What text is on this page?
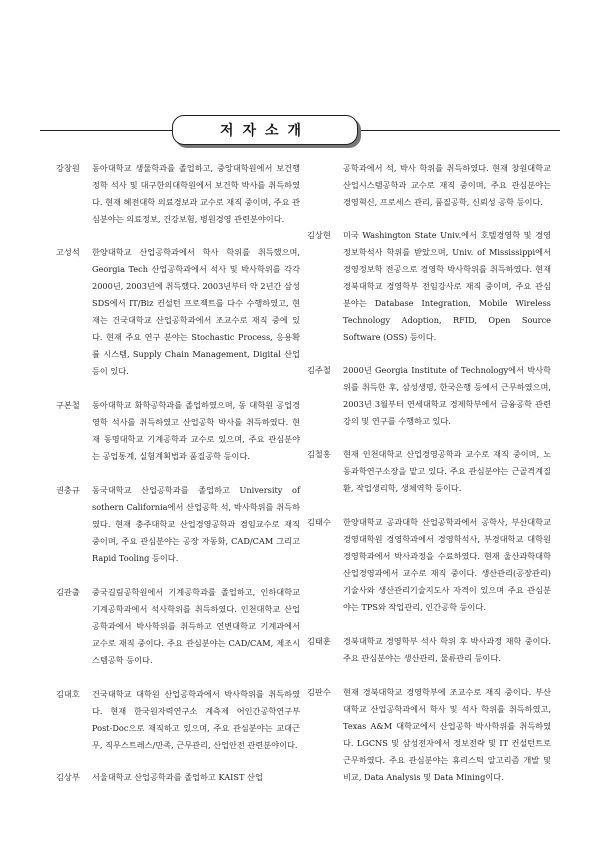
저자소개
강창원	동아대학교 생물학과를 졸업하고, 중앙대학원에서 보건행정학 석사 및 대구한의대학원에서 보건학 박사를 취득하였다. 현재 혜전대학 의료경보과 교수로 재직 중이며, 주요 관심분야는 의료정보, 건강보험, 병원경영 관련분야이다.
고성석	한양대학교 산업공학과에서 학사 학위를 취득했으며, Georgia Tech 산업공학과에서 석사 및 박사학위를 각각 2000년, 2003년에 취득했다. 2003년부터 약 2년간 삼성 SDS에서 IT/Biz 컨설턴 프로젝트를 다수 수행하였고, 현재는 건국대학교 산업공학과에서 조교수로 재직 중에 있다. 현재 주요 연구 분야는 Stochastic Process, 응용확률 시스템, Supply Chain Management, Digital 산업 등이 있다.
구본철	동아대학교 화학공학과를 졸업하였으며, 동 대학원 공업경영학 석사를 취득하였고 산업공학 박사를 취득하였다. 현재 동명대학교 기계공학과 교수로 있으며, 주요 관심분야는 공업통계, 실험계획법과 품질공학 등이다.
권충규	동국대학교 산업공학과를 졸업하고 University of sothern California에서 산업공학 석, 박사학위를 취득하였다. 현재 충주대학교 산업경영공학과 겸임교수로 재직 중이며, 주요 관심분야는 공장 자동화, CAD/CAM 그리고 Rapid Tooling 등이다.
김관출	중국길림공학원에서 기계공학과를 졸업하고, 인하대학교 기계공학과에서 석사학위를 취득하였다. 인천대학교 산업공학과에서 박사학위를 취득하고 연변대학교 기계과에서 교수로 재직 중이다. 주요 관심분야는 CAD/CAM, 제조시스템공학 등이다.
김대호	건국대학교 대학원 산업공학과에서 박사학위를 취득하였다. 현재 한국원자력연구소 계측제 어인간공학연구부 Post-Doc으로 재직하고 있으며, 주요 관심분야는 교대근무, 직무스트레스/만족, 근무관리, 산업안전 관련분야이다.
김상부	서울대학교 산업공학과를 졸업하고 KAIST 산업
공학과에서 석, 박사 학위를 취득하였다. 현재 창원대학교 산업시스템공학과 교수로 재직 중이며, 주요 관심분야는 경영혁신, 프로세스 관리, 품질공학, 신뢰성 공학 등이다.
김상현	미국 Washington State Univ.에서 호텔경영학 및 경영정보학석사 학위를 받았으며, Univ. of Mississippi에서 경영정보학 전공으로 경영학 박사학위를 취득하였다. 현재 경북대학교 경영학부 전임강사로 재직 중이며, 주요 관심분야는 Database Integration, Mobile Wireless Technology Adoption, RFID, Open Source Software (OSS) 등이다.
김주철	2000년 Georgia Institute of Technology에서 박사학위를 취득한 후, 삼성생명, 한국은행 등에서 근무하였으며, 2003년 3월부터 연세대학교 경제학부에서 금융공학 관련 강의 및 연구를 수행하고 있다.
김철홍	현재 인천대학교 산업경영공학과 교수로 재직 중이며, 노동과학연구소장을 맡고 있다. 주요 관심분야는 근골격계질환, 작업생리학, 생체역학 등이다.
김태수	한양대학교 공과대학 산업공학과에서 공학사, 부산대학교 경영대학원 경영학과에서 경영학석사, 부경대학교 대학원 경영학과에서 박사과정을 수료하였다. 현재 울산과학대학 산업경영과에서 교수로 재직 중이다. 생산관리(공장관리)기술사와 생산관리기술지도사 자격이 있으며 주요 관심분야는 TPS와 작업관리, 인간공학 등이다.
김태훈	경북대학교 경영학부 석사 학위 후 박사과정 재학 중이다. 주요 관심분야는 생산관리, 물류관리 등이다.
김판수	현재 경북대학교 경영학부에 조교수로 재직 중이다. 부산대학교 산업공학과에서 학사 및 석사 학위를 취득하였고, Texas A&M 대학교에서 산업공학 박사학위를 취득하였다. LGCNS 및 삼성전자에서 정보전략 및 IT 컨설턴트로 근무하였다. 주요 관심분야는 휴리스틱 알고리즘 개발 및 비교, Data Analysis 및 Data Mining이다.
